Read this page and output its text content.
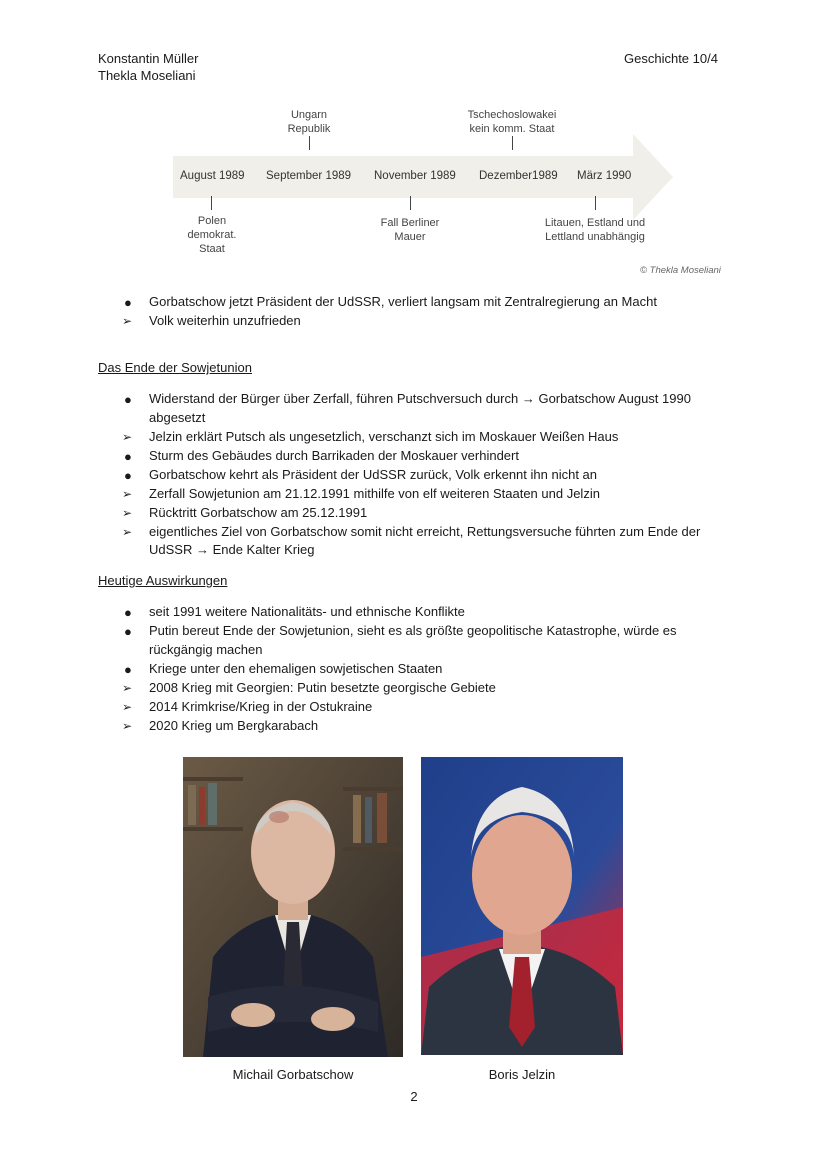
Konstantin Müller
Thekla Moseliani
Geschichte 10/4
August 1989 September 1989 November 1989 Dezember1989 März 1990
Ungarn
Republik
Tschechoslowakei
kein komm. Staat
Polen
demokrat.
Staat
Fall Berliner
Mauer
Litauen, Estland und
Lettland unabhängig
© Thekla Moseliani
● Gorbatschow jetzt Präsident der UdSSR, verliert langsam mit Zentralregierung an Macht
➢ Volk weiterhin unzufrieden
Das Ende der Sowjetunion
● Widerstand der Bürger über Zerfall, führen Putschversuch durch → Gorbatschow August 1990 abgesetzt
➢ Jelzin erklärt Putsch als ungesetzlich, verschanzt sich im Moskauer Weißen Haus
● Sturm des Gebäudes durch Barrikaden der Moskauer verhindert
● Gorbatschow kehrt als Präsident der UdSSR zurück, Volk erkennt ihn nicht an
➢ Zerfall Sowjetunion am 21.12.1991 mithilfe von elf weiteren Staaten und Jelzin
➢ Rücktritt Gorbatschow am 25.12.1991
➢ eigentliches Ziel von Gorbatschow somit nicht erreicht, Rettungsversuche führten zum Ende der UdSSR → Ende Kalter Krieg
Heutige Auswirkungen
● seit 1991 weitere Nationalitäts- und ethnische Konflikte
● Putin bereut Ende der Sowjetunion, sieht es als größte geopolitische Katastrophe, würde es rückgängig machen
● Kriege unter den ehemaligen sowjetischen Staaten
➢ 2008 Krieg mit Georgien: Putin besetzte georgische Gebiete
➢ 2014 Krimkrise/Krieg in der Ostukraine
➢ 2020 Krieg um Bergkarabach
Michail Gorbatschow	Boris Jelzin
2
